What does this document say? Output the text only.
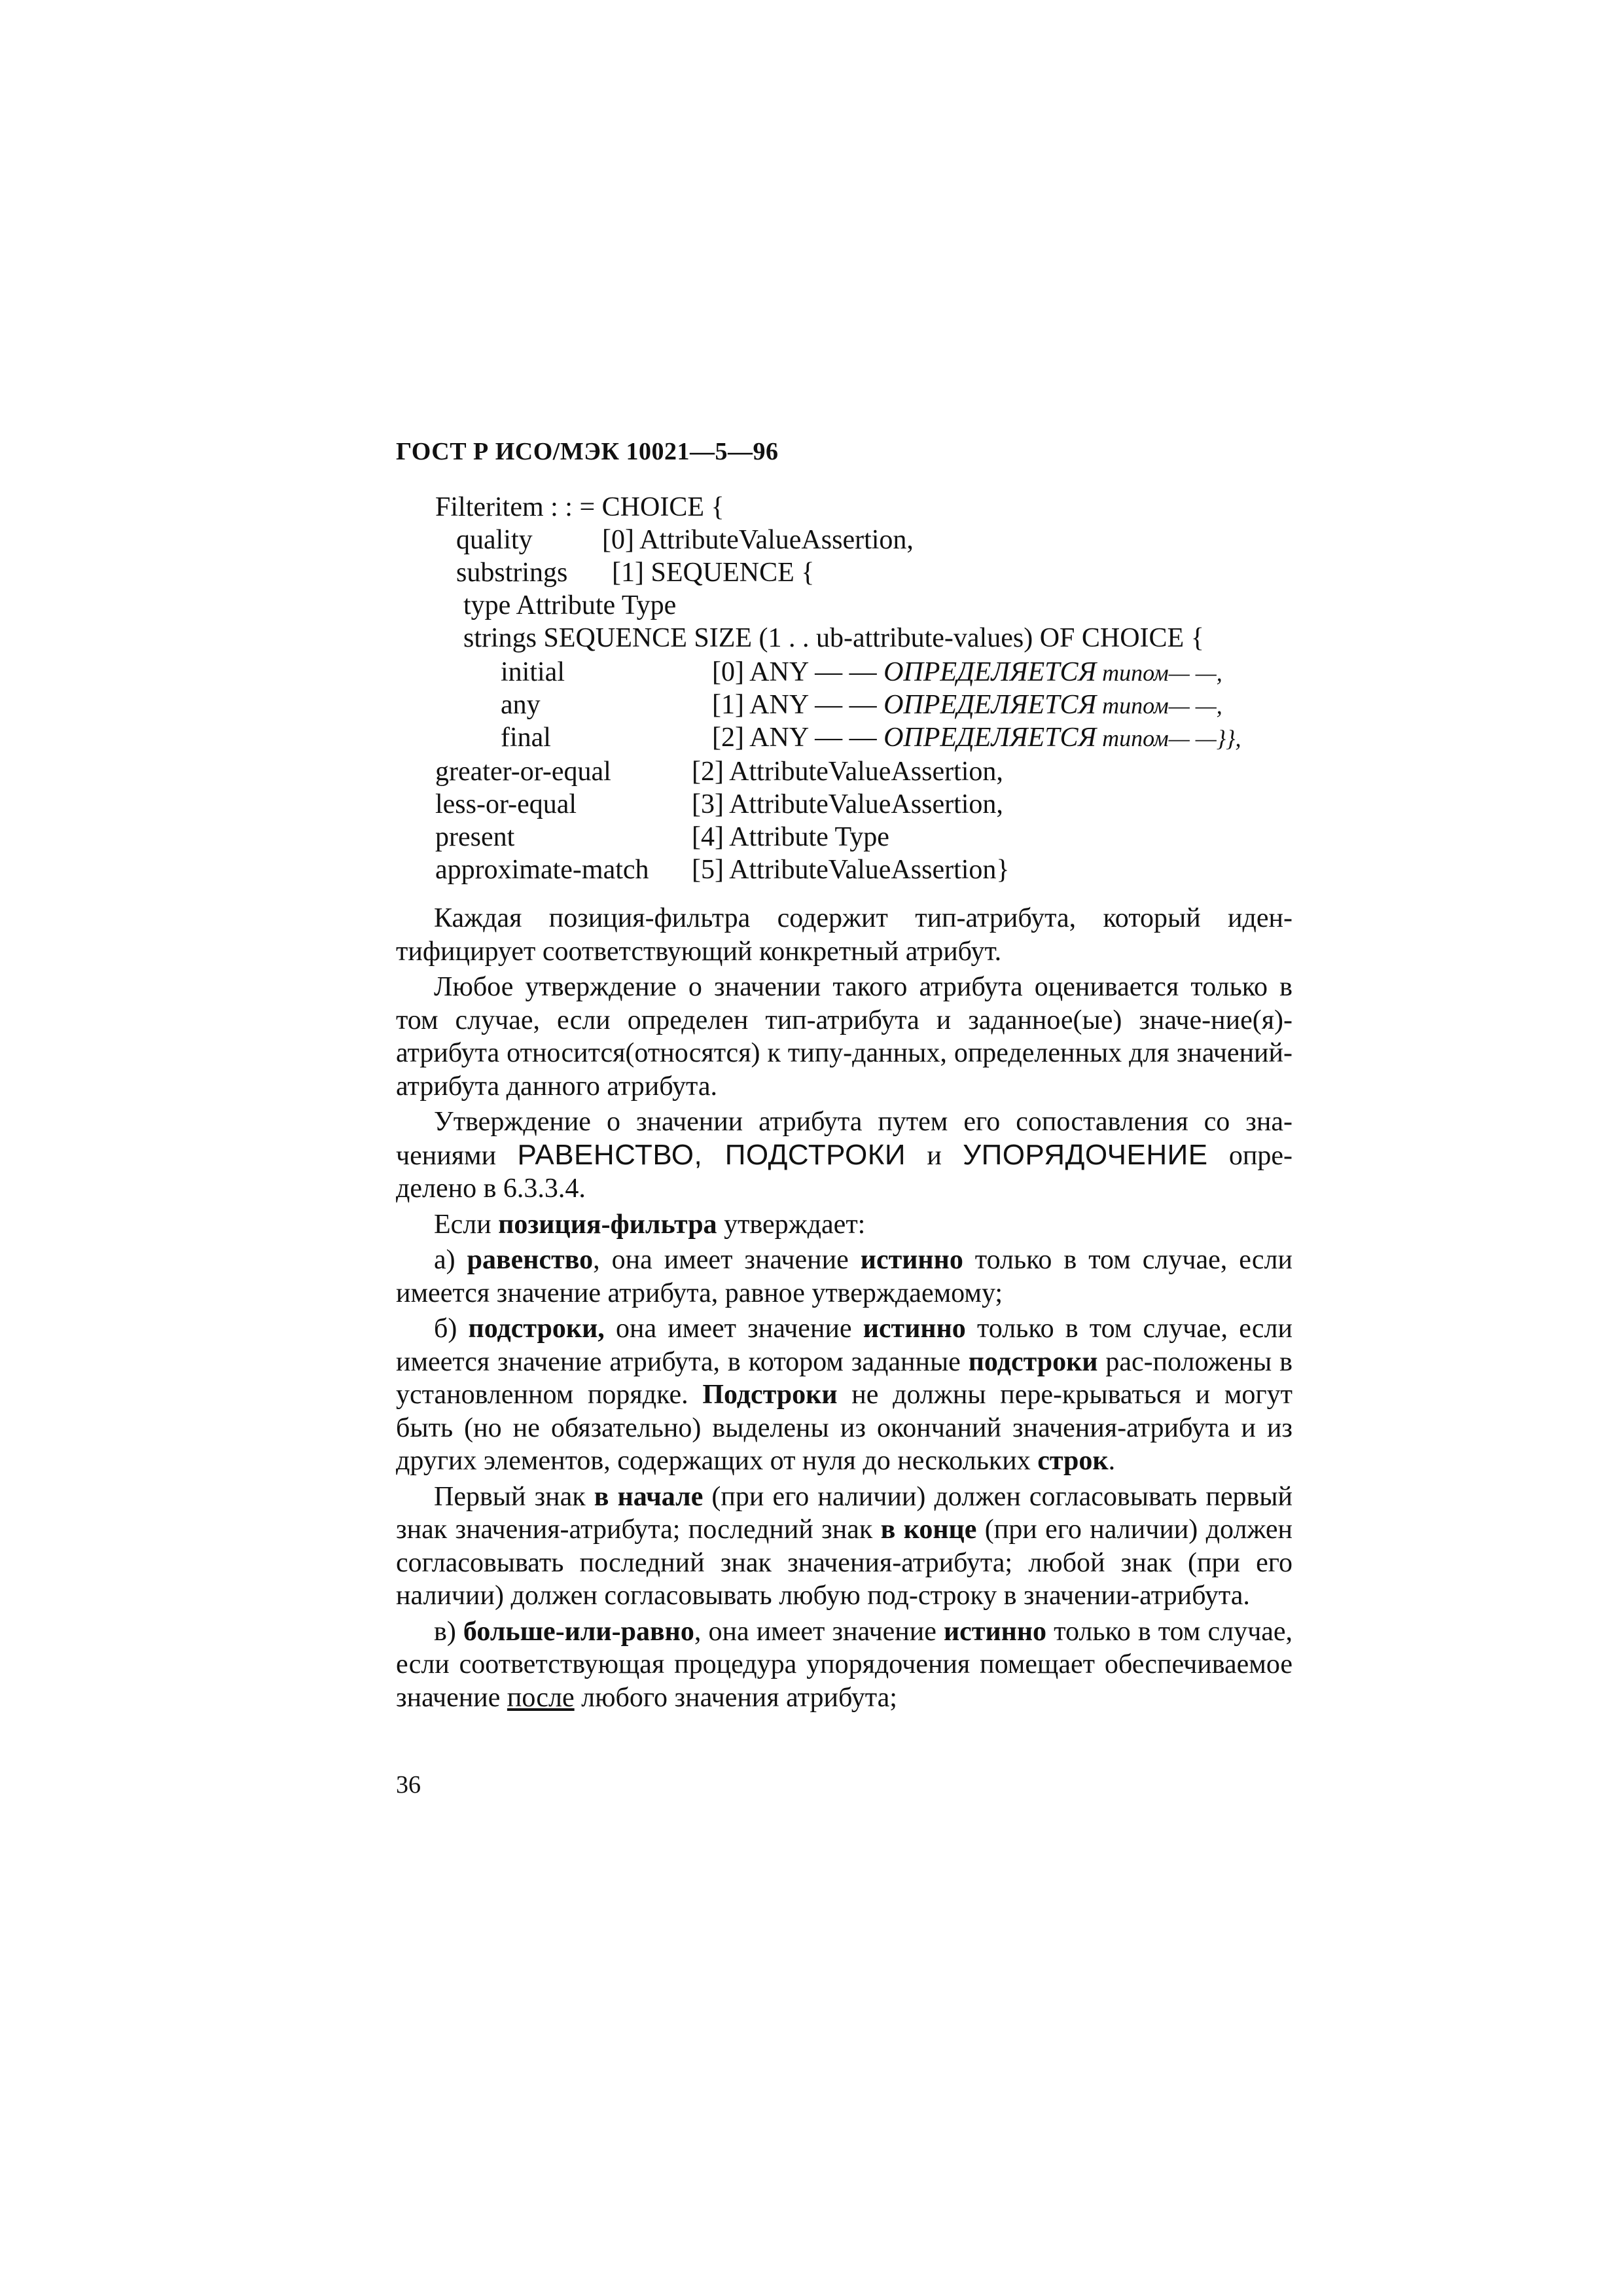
ГОСТ Р ИСО/МЭК 10021—5—96
Filteritem : : = CHOICE {
quality	[0] AttributeValueAssertion,
substrings [1] SEQUENCE {
type Attribute Type
strings SEQUENCE SIZE (1 . . ub-attribute-values) OF CHOICE {
initial	[0] ANY — — ОПРЕДЕЛЯЕТСЯ типом— —,
any	[1] ANY — — ОПРЕДЕЛЯЕТСЯ типом— —,
final	[2] ANY — — ОПРЕДЕЛЯЕТСЯ типом— —}},
greater-or-equal	[2] AttributeValueAssertion,
less-or-equal	[3] AttributeValueAssertion,
present	[4] Attribute Type
approximate-match [5] AttributeValueAssertion}

Каждая позиция-фильтра содержит тип-атрибута, который иден-тифицирует соответствующий конкретный атрибут.

Любое утверждение о значении такого атрибута оценивается только в том случае, если определен тип-атрибута и заданное(ые) значе-ние(я)-атрибута относится(относятся) к типу-данных, определенных для значений-атрибута данного атрибута.

Утверждение о значении атрибута путем его сопоставления со зна-чениями РАВЕНСТВО, ПОДСТРОКИ и УПОРЯДОЧЕНИЕ опре-делено в 6.3.3.4.

Если позиция-фильтра утверждает:

а) равенство, она имеет значение истинно только в том случае, если имеется значение атрибута, равное утверждаемому;

б) подстроки, она имеет значение истинно только в том случае, если имеется значение атрибута, в котором заданные подстроки рас-положены в установленном порядке. Подстроки не должны пере-крываться и могут быть (но не обязательно) выделены из окончаний значения-атрибута и из других элементов, содержащих от нуля до нескольких строк.

Первый знак в начале (при его наличии) должен согласовывать первый знак значения-атрибута; последний знак в конце (при его наличии) должен согласовывать последний знак значения-атрибута; любой знак (при его наличии) должен согласовывать любую под-строку в значении-атрибута.

в) больше-или-равно, она имеет значение истинно только в том случае, если соответствующая процедура упорядочения помещает обеспечиваемое значение после любого значения атрибута;

36
